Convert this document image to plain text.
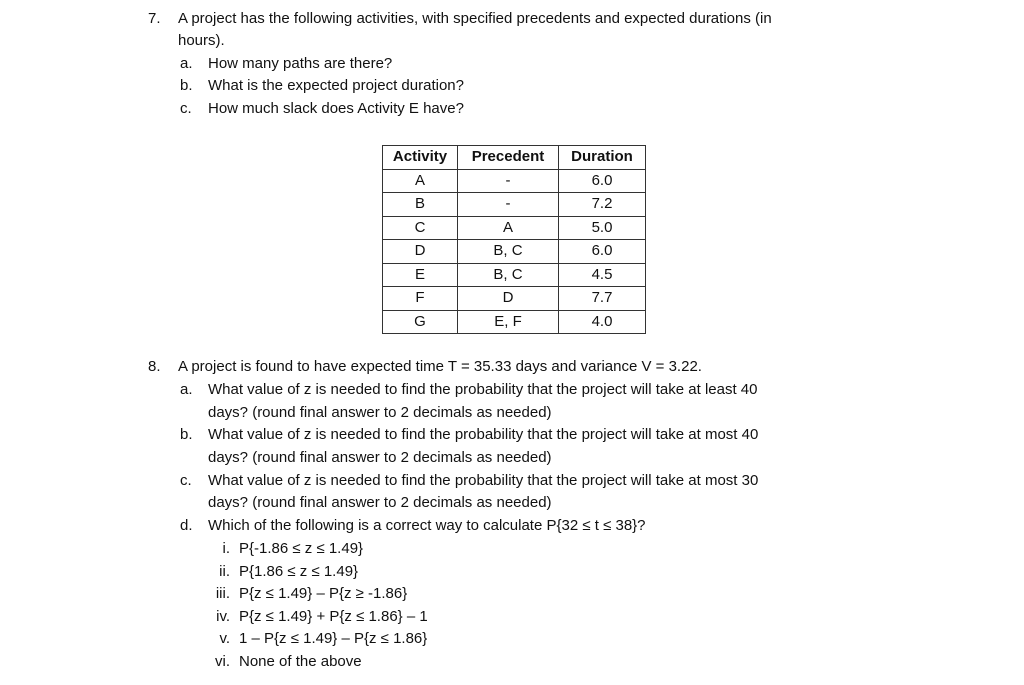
7. A project has the following activities, with specified precedents and expected durations (in
hours).
a. How many paths are there?
b. What is the expected project duration?
c. How much slack does Activity E have?
Activity	Precedent	Duration
A	-	6.0
B	-	7.2
C	A	5.0
D	B, C	6.0
E	B, C	4.5
F	D	7.7
G	E, F	4.0
8. A project is found to have expected time T = 35.33 days and variance V = 3.22.
a. What value of z is needed to find the probability that the project will take at least 40
days? (round final answer to 2 decimals as needed)
b. What value of z is needed to find the probability that the project will take at most 40
days? (round final answer to 2 decimals as needed)
c. What value of z is needed to find the probability that the project will take at most 30
days? (round final answer to 2 decimals as needed)
d. Which of the following is a correct way to calculate P{32 ≤ t ≤ 38}?
i. P{-1.86 ≤ z ≤ 1.49}
ii. P{1.86 ≤ z ≤ 1.49}
iii. P{z ≤ 1.49} – P{z ≥ -1.86}
iv. P{z ≤ 1.49} + P{z ≤ 1.86} – 1
v. 1 – P{z ≤ 1.49} – P{z ≤ 1.86}
vi. None of the above
